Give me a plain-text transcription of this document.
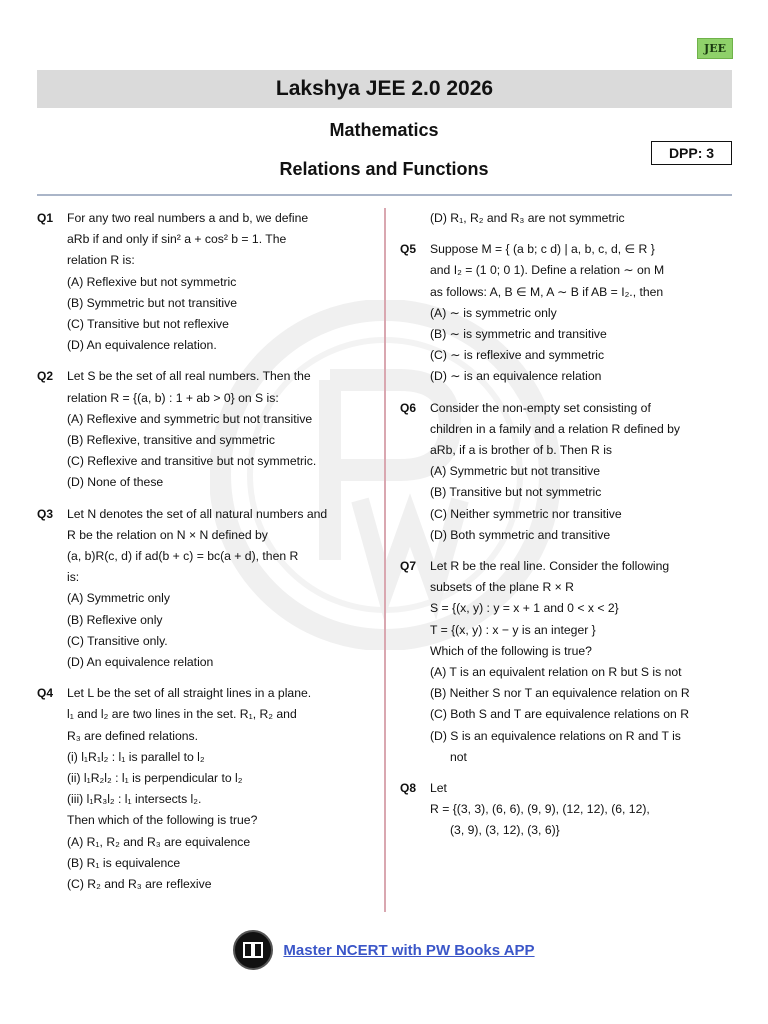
JEE
Lakshya JEE 2.0 2026
Mathematics
Relations and Functions
DPP: 3
Q1	For any two real numbers a and b, we define
aRb if and only if sin² a + cos² b = 1. The
relation R is:
(A) Reflexive but not symmetric
(B) Symmetric but not transitive
(C) Transitive but not reflexive
(D) An equivalence relation.
Q2	Let S be the set of all real numbers. Then the
relation R = {(a, b) : 1 + ab > 0} on S is:
(A) Reflexive and symmetric but not transitive
(B) Reflexive, transitive and symmetric
(C) Reflexive and transitive but not symmetric.
(D) None of these
Q3	Let N denotes the set of all natural numbers and
R be the relation on N × N defined by
(a, b)R(c, d) if ad(b + c) = bc(a + d), then R
is:
(A) Symmetric only
(B) Reflexive only
(C) Transitive only.
(D) An equivalence relation
Q4	Let L be the set of all straight lines in a plane.
l₁ and l₂ are two lines in the set. R₁, R₂ and
R₃ are defined relations.
(i) l₁R₁l₂ : l₁ is parallel to l₂
(ii) l₁R₂l₂ : l₁ is perpendicular to l₂
(iii) l₁R₃l₂ : l₁ intersects l₂.
Then which of the following is true?
(A) R₁, R₂ and R₃ are equivalence
(B) R₁ is equivalence
(C) R₂ and R₃ are reflexive
(D) R₁, R₂ and R₃ are not symmetric
Q5	Suppose M = { (a b; c d) | a, b, c, d, ∈ R }
and I₂ = (1 0; 0 1). Define a relation ∼ on M
as follows: A, B ∈ M, A ∼ B if AB = I₂., then
(A) ∼ is symmetric only
(B) ∼ is symmetric and transitive
(C) ∼ is reflexive and symmetric
(D) ∼ is an equivalence relation
Q6	Consider the non-empty set consisting of
children in a family and a relation R defined by
aRb, if a is brother of b. Then R is
(A) Symmetric but not transitive
(B) Transitive but not symmetric
(C) Neither symmetric nor transitive
(D) Both symmetric and transitive
Q7	Let R be the real line. Consider the following
subsets of the plane R × R
S = {(x, y) : y = x + 1 and 0 < x < 2}
T = {(x, y) : x − y is an integer }
Which of the following is true?
(A) T is an equivalent relation on R but S is not
(B) Neither S nor T an equivalence relation on R
(C) Both S and T are equivalence relations on R
(D) S is an equivalence relations on R and T is
not
Q8	Let
R = {(3, 3), (6, 6), (9, 9), (12, 12), (6, 12),
(3, 9), (3, 12), (3, 6)}
Master NCERT with PW Books APP
